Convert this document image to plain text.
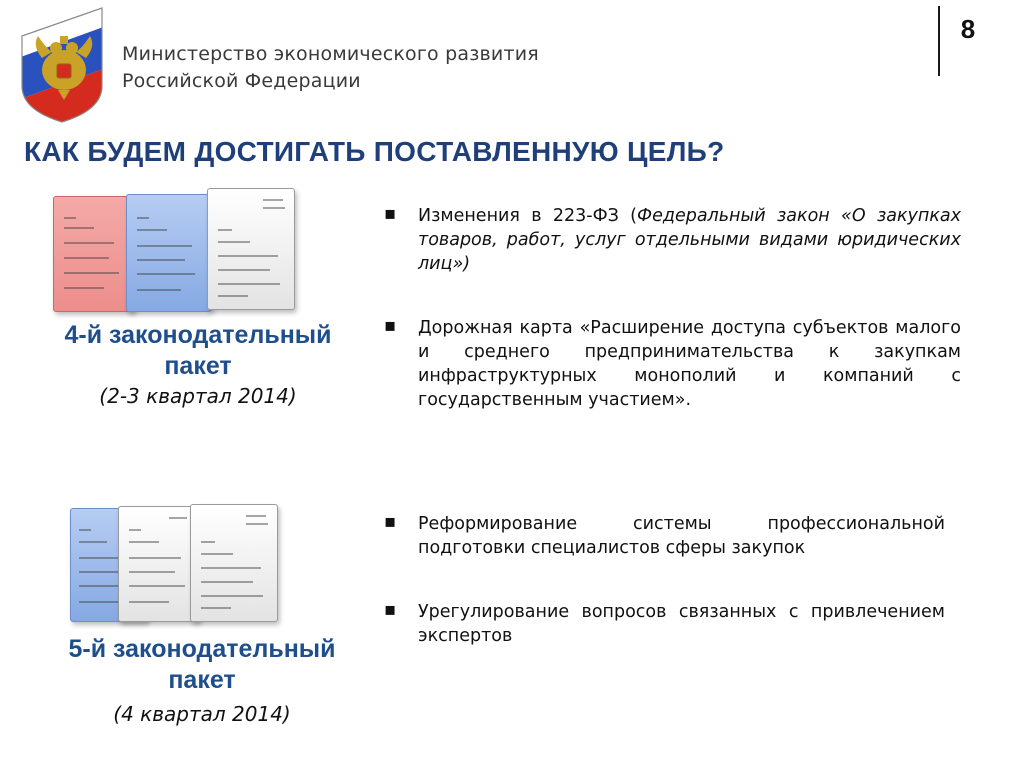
Министерство экономического развития
Российской Федерации
8
КАК БУДЕМ ДОСТИГАТЬ ПОСТАВЛЕННУЮ ЦЕЛЬ?
4-й законодательный
пакет
(2-3 квартал 2014)
5-й законодательный
пакет
(4 квартал 2014)
▪ Изменения в 223-ФЗ (Федеральный закон «О закупках товаров, работ, услуг отдельными видами юридических лиц»)
▪ Дорожная карта «Расширение доступа субъектов малого и среднего предпринимательства к закупкам инфраструктурных монополий и компаний с государственным участием».
▪ Реформирование системы профессиональной подготовки специалистов сферы закупок
▪ Урегулирование вопросов связанных с привлечением экспертов
